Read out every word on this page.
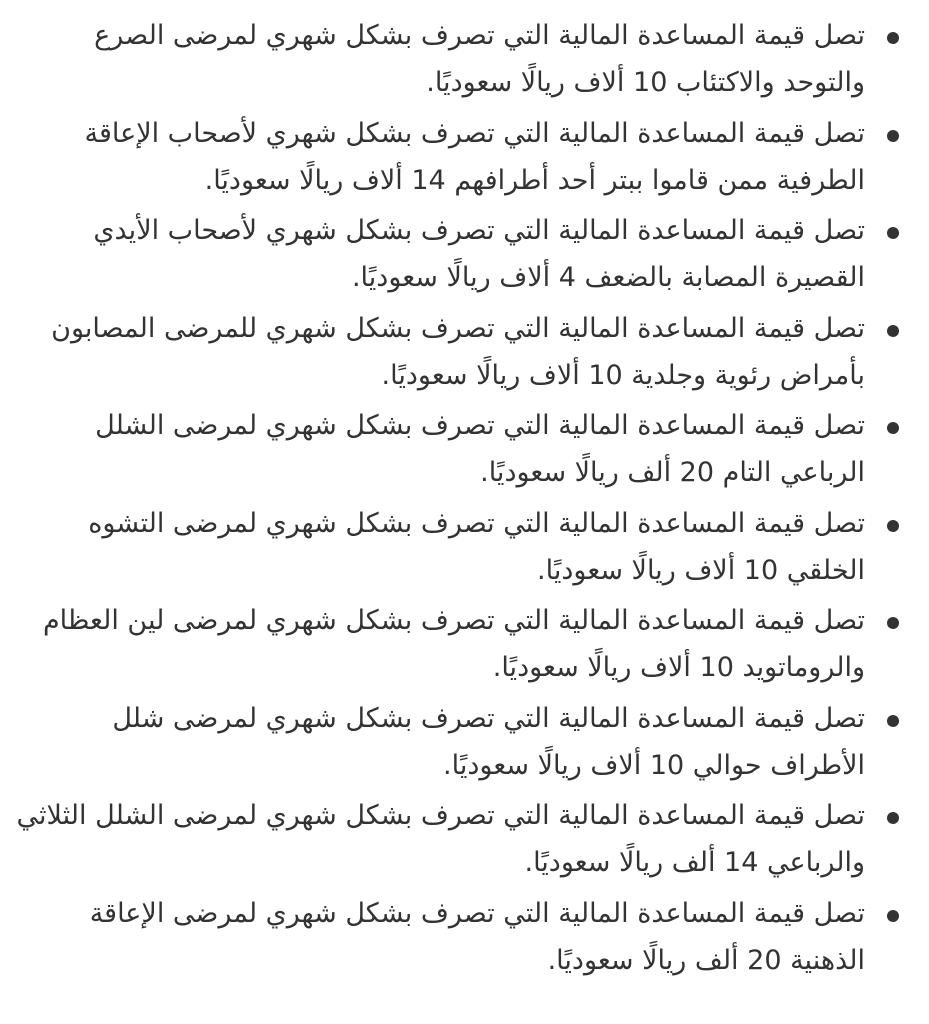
تصل قيمة المساعدة المالية التي تصرف بشكل شهري لمرضى الصرع والتوحد والاكتئاب 10 ألاف ريالًا سعوديًا.
تصل قيمة المساعدة المالية التي تصرف بشكل شهري لأصحاب الإعاقة الطرفية ممن قاموا ببتر أحد أطرافهم 14 ألاف ريالًا سعوديًا.
تصل قيمة المساعدة المالية التي تصرف بشكل شهري لأصحاب الأيدي القصيرة المصابة بالضعف 4 ألاف ريالًا سعوديًا.
تصل قيمة المساعدة المالية التي تصرف بشكل شهري للمرضى المصابون بأمراض رئوية وجلدية 10 ألاف ريالًا سعوديًا.
تصل قيمة المساعدة المالية التي تصرف بشكل شهري لمرضى الشلل الرباعي التام 20 ألف ريالًا سعوديًا.
تصل قيمة المساعدة المالية التي تصرف بشكل شهري لمرضى التشوه الخلقي 10 ألاف ريالًا سعوديًا.
تصل قيمة المساعدة المالية التي تصرف بشكل شهري لمرضى لين العظام والروماتويد 10 ألاف ريالًا سعوديًا.
تصل قيمة المساعدة المالية التي تصرف بشكل شهري لمرضى شلل الأطراف حوالي 10 ألاف ريالًا سعوديًا.
تصل قيمة المساعدة المالية التي تصرف بشكل شهري لمرضى الشلل الثلاثي والرباعي 14 ألف ريالًا سعوديًا.
تصل قيمة المساعدة المالية التي تصرف بشكل شهري لمرضى الإعاقة الذهنية 20 ألف ريالًا سعوديًا.
